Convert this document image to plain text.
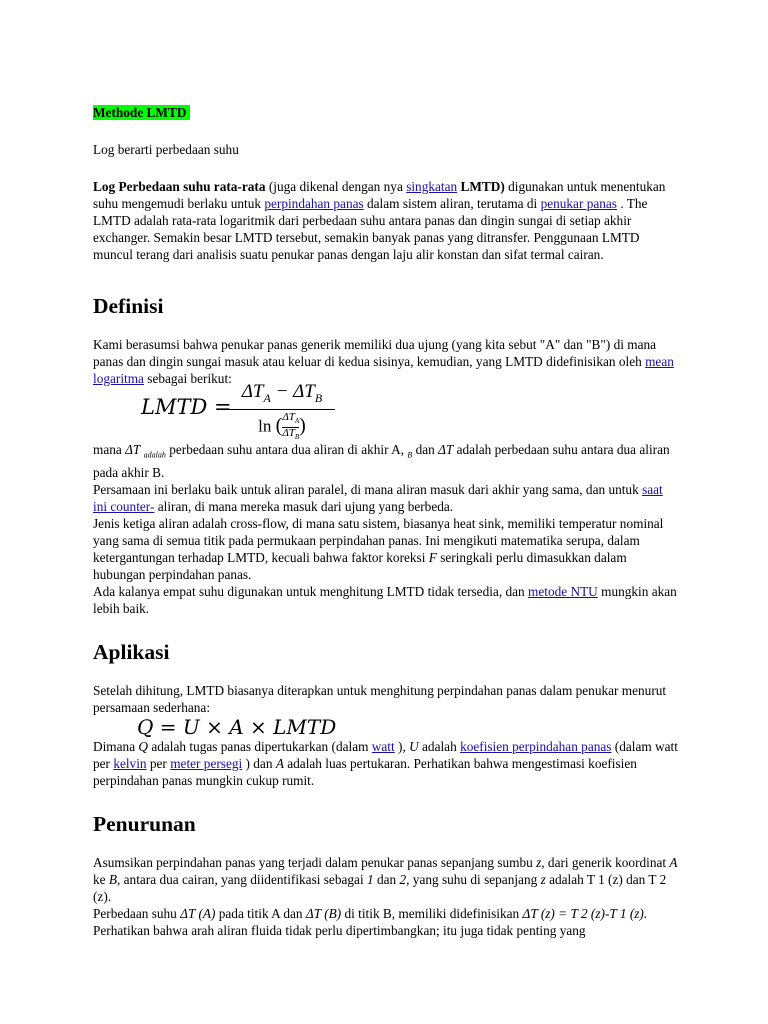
Methode LMTD

Log berarti perbedaan suhu

Log Perbedaan suhu rata-rata (juga dikenal dengan nya singkatan LMTD) digunakan untuk menentukan suhu mengemudi berlaku untuk perpindahan panas dalam sistem aliran, terutama di penukar panas . The LMTD adalah rata-rata logaritmik dari perbedaan suhu antara panas dan dingin sungai di setiap akhir exchanger. Semakin besar LMTD tersebut, semakin banyak panas yang ditransfer. Penggunaan LMTD muncul terang dari analisis suatu penukar panas dengan laju alir konstan dan sifat termal cairan.

Definisi

Kami berasumsi bahwa penukar panas generik memiliki dua ujung (yang kita sebut "A" dan "B") di mana panas dan dingin sungai masuk atau keluar di kedua sisinya, kemudian, yang LMTD didefinisikan oleh mean logaritma sebagai berikut:

LMTD =
$\Delta T_A - \Delta T_B$
ln ( $\Delta T_A$
$\Delta T_B$
)

mana ΔT $_{adalah}$ perbedaan suhu antara dua aliran di akhir A, $_B$ dan ΔT adalah perbedaan suhu antara dua aliran pada akhir B.

Persamaan ini berlaku baik untuk aliran paralel, di mana aliran masuk dari akhir yang sama, dan untuk saat ini counter- aliran, di mana mereka masuk dari ujung yang berbeda.

Jenis ketiga aliran adalah cross-flow, di mana satu sistem, biasanya heat sink, memiliki temperatur nominal yang sama di semua titik pada permukaan perpindahan panas. Ini mengikuti matematika serupa, dalam ketergantungan terhadap LMTD, kecuali bahwa faktor koreksi F seringkali perlu dimasukkan dalam hubungan perpindahan panas.

Ada kalanya empat suhu digunakan untuk menghitung LMTD tidak tersedia, dan metode NTU mungkin akan lebih baik.

Aplikasi

Setelah dihitung, LMTD biasanya diterapkan untuk menghitung perpindahan panas dalam penukar menurut persamaan sederhana:

Q = U × A × LMTD

Dimana Q adalah tugas panas dipertukarkan (dalam watt ), U adalah koefisien perpindahan panas (dalam watt per kelvin per meter persegi ) dan A adalah luas pertukaran. Perhatikan bahwa mengestimasi koefisien perpindahan panas mungkin cukup rumit.

Penurunan

Asumsikan perpindahan panas yang terjadi dalam penukar panas sepanjang sumbu z, dari generik koordinat A ke B, antara dua cairan, yang diidentifikasi sebagai 1 dan 2, yang suhu di sepanjang z adalah T 1 (z) dan T 2 (z).

Perbedaan suhu ΔT (A) pada titik A dan ΔT (B) di titik B, memiliki didefinisikan ΔT (z) = T 2 (z)-T 1 (z).

Perhatikan bahwa arah aliran fluida tidak perlu dipertimbangkan; itu juga tidak penting yang
